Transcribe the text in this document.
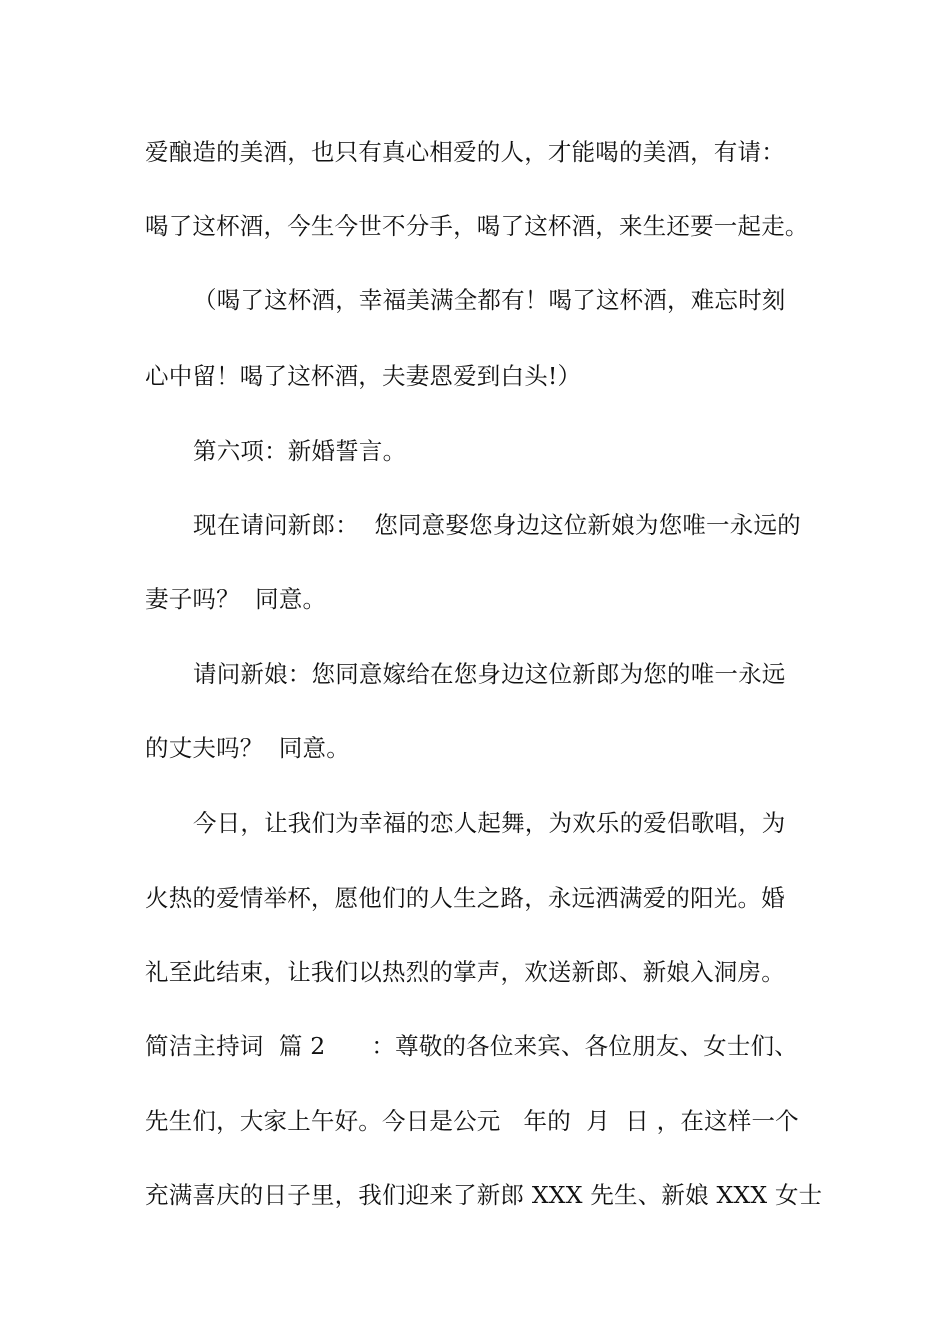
爱酿造的美酒，也只有真心相爱的人，才能喝的美酒，有请：
喝了这杯酒，今生今世不分手，喝了这杯酒，来生还要一起走。
（喝了这杯酒，幸福美满全都有！喝了这杯酒，难忘时刻
心中留！喝了这杯酒，夫妻恩爱到白头!）
第六项：新婚誓言。
现在请问新郎：  您同意娶您身边这位新娘为您唯一永远的
妻子吗？  同意。
请问新娘：您同意嫁给在您身边这位新郎为您的唯一永远
的丈夫吗？  同意。
今日，让我们为幸福的恋人起舞，为欢乐的爱侣歌唱，为
火热的爱情举杯，愿他们的人生之路，永远洒满爱的阳光。婚
礼至此结束，让我们以热烈的掌声，欢送新郎、新娘入洞房。
简洁主持词  篇 2      ：尊敬的各位来宾、各位朋友、女士们、
先生们，大家上午好。今日是公元   年的  月  日 ，在这样一个
充满喜庆的日子里，我们迎来了新郎 XXX 先生、新娘 XXX 女士
